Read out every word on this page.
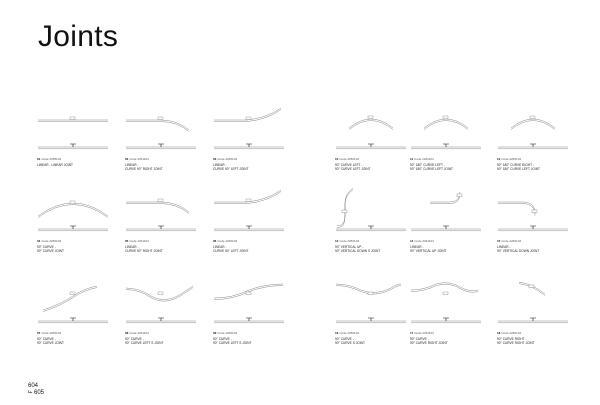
Joints
01Code 2258104
LINEAR - LINEAR JOINT
02Code 2261104
LINEAR -
CURVE 90° RIGHT JOINT
03Code 2266104
LINEAR -
CURVE 90° LEFT JOINT
10Code 2256104
90° CURVE LEFT -
90° CURVE LEFT JOINT
11Code 2261104
90° 180° CURVE LEFT -
90° 180° CURVE LEFT JOINT
12Code 2266104
90° 180° CURVE RIGHT -
90° 180° CURVE LEFT JOINT
04Code 2256104
90° CURVE -
90° CURVE JOINT
05Code 2261104
LINEAR -
CURVE 90° RIGHT JOINT
06Code 2266104
LINEAR -
CURVE 90° LEFT JOINT
13Code 2256104
90° VERTICAL UP -
90° VERTICAL DOWN S JOINT
14Code 2261104
LINEAR -
90° VERTICAL UP JOINT
15Code 2266104
LINEAR -
90° VERTICAL DOWN JOINT
07Code 2256104
90° CURVE -
90° CURVE JOINT
08Code 2261104
90° CURVE -
90° CURVE LEFT S JOINT
09Code 2266104
90° CURVE -
90° CURVE LEFT S JOINT
16Code 2256104
90° CURVE -
90° CURVE S JOINT
17Code 2261104
90° CURVE -
90° CURVE RIGHT JOINT
18Code 2266104
90° CURVE RIGHT -
90° CURVE RIGHT JOINT
604
605
